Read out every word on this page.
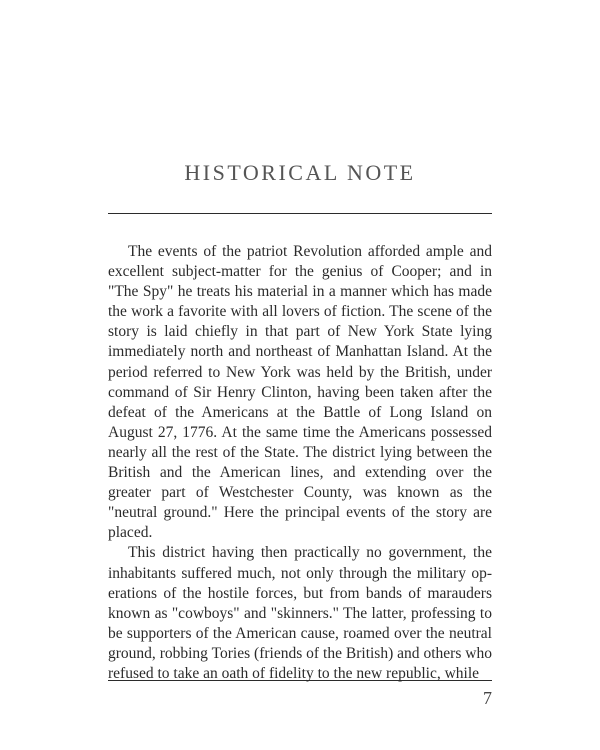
HISTORICAL NOTE

The events of the patriot Revolution afforded ample and excellent subject-matter for the genius of Cooper; and in "The Spy" he treats his material in a manner which has made the work a favorite with all lovers of fiction. The scene of the story is laid chiefly in that part of New York State lying immediately north and northeast of Manhattan Island. At the period referred to New York was held by the British, under command of Sir Henry Clinton, having been taken after the defeat of the Americans at the Battle of Long Island on August 27, 1776. At the same time the Americans possessed nearly all the rest of the State. The district lying between the British and the American lines, and extending over the greater part of Westchester County, was known as the "neutral ground." Here the principal events of the story are placed.

This district having then practically no government, the inhabitants suffered much, not only through the military operations of the hostile forces, but from bands of marauders known as "cowboys" and "skinners." The latter, professing to be supporters of the American cause, roamed over the neutral ground, robbing Tories (friends of the British) and others who refused to take an oath of fidelity to the new republic, while

7
